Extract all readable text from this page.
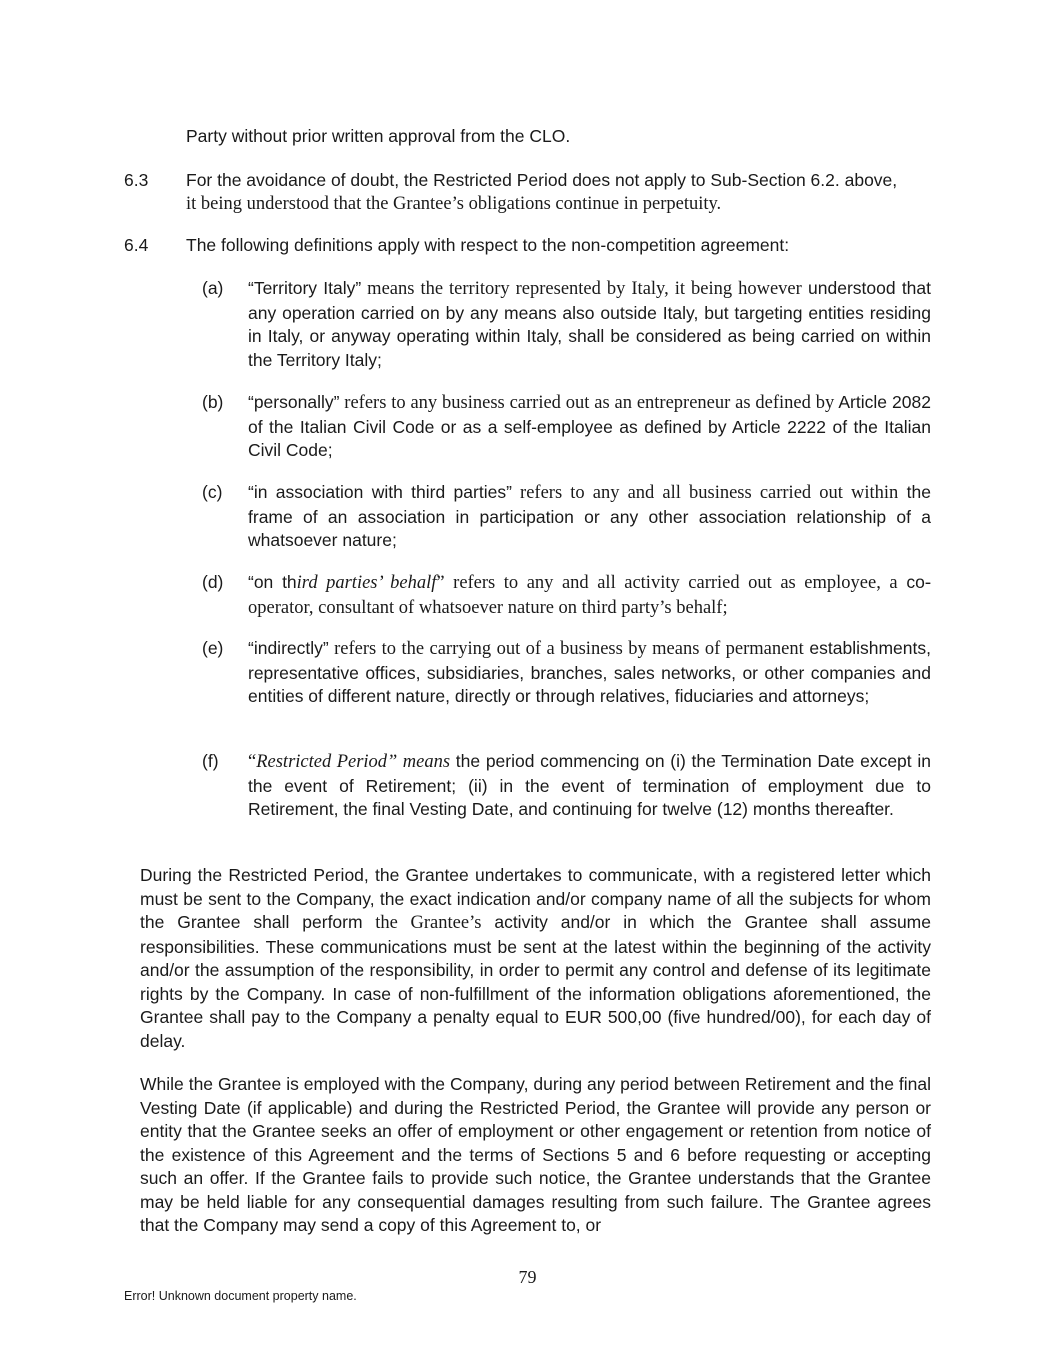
Party without prior written approval from the CLO.

6.3 For the avoidance of doubt, the Restricted Period does not apply to Sub-Section 6.2. above,
it being understood that the Grantee’s obligations continue in perpetuity.

6.4 The following definitions apply with respect to the non-competition agreement:

(a) “Territory Italy” means the territory represented by Italy, it being however understood that any operation carried on by any means also outside Italy, but targeting entities residing in Italy, or anyway operating within Italy, shall be considered as being carried on within the Territory Italy;

(b) “personally” refers to any business carried out as an entrepreneur as defined by Article 2082 of the Italian Civil Code or as a self-employee as defined by Article 2222 of the Italian Civil Code;

(c) “in association with third parties” refers to any and all business carried out within the frame of an association in participation or any other association relationship of a whatsoever nature;

(d) “on third parties’ behalf” refers to any and all activity carried out as employee, a co-operator, consultant of whatsoever nature on third party’s behalf;

(e) “indirectly” refers to the carrying out of a business by means of permanent establishments, representative offices, subsidiaries, branches, sales networks, or other companies and entities of different nature, directly or through relatives, fiduciaries and attorneys;

(f) “Restricted Period” means the period commencing on (i) the Termination Date except in the event of Retirement; (ii) in the event of termination of employment due to Retirement, the final Vesting Date, and continuing for twelve (12) months thereafter.

During the Restricted Period, the Grantee undertakes to communicate, with a registered letter which must be sent to the Company, the exact indication and/or company name of all the subjects for whom the Grantee shall perform the Grantee’s activity and/or in which the Grantee shall assume responsibilities. These communications must be sent at the latest within the beginning of the activity and/or the assumption of the responsibility, in order to permit any control and defense of its legitimate rights by the Company. In case of non-fulfillment of the information obligations aforementioned, the Grantee shall pay to the Company a penalty equal to EUR 500,00 (five hundred/00), for each day of delay.

While the Grantee is employed with the Company, during any period between Retirement and the final Vesting Date (if applicable) and during the Restricted Period, the Grantee will provide any person or entity that the Grantee seeks an offer of employment or other engagement or retention from notice of the existence of this Agreement and the terms of Sections 5 and 6 before requesting or accepting such an offer. If the Grantee fails to provide such notice, the Grantee understands that the Grantee may be held liable for any consequential damages resulting from such failure. The Grantee agrees that the Company may send a copy of this Agreement to, or

79
Error! Unknown document property name.
